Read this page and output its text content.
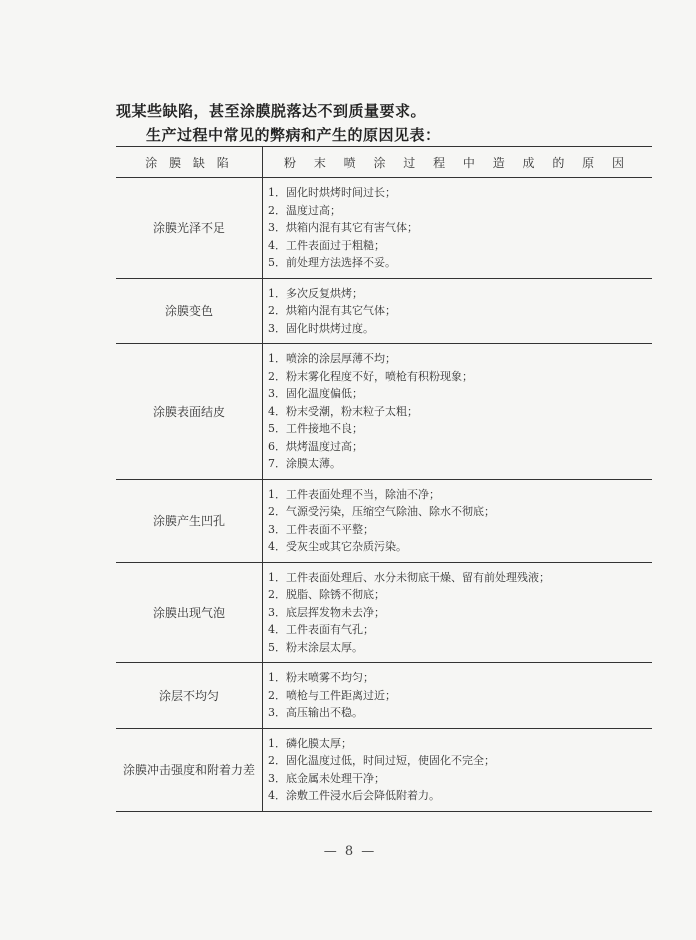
现某些缺陷，甚至涂膜脱落达不到质量要求。

生产过程中常见的弊病和产生的原因见表：

涂 膜 缺 陷	粉 末 喷 涂 过 程 中 造 成 的 原 因
涂膜光泽不足
1．固化时烘烤时间过长；
2．温度过高；
3．烘箱内混有其它有害气体；
4．工件表面过于粗糙；
5．前处理方法选择不妥。
涂膜变色
1．多次反复烘烤；
2．烘箱内混有其它气体；
3．固化时烘烤过度。
涂膜表面结皮
1．喷涂的涂层厚薄不均；
2．粉末雾化程度不好，喷枪有积粉现象；
3．固化温度偏低；
4．粉末受潮，粉末粒子太粗；
5．工件接地不良；
6．烘烤温度过高；
7．涂膜太薄。
涂膜产生凹孔
1．工件表面处理不当，除油不净；
2．气源受污染，压缩空气除油、除水不彻底；
3．工件表面不平整；
4．受灰尘或其它杂质污染。
涂膜出现气泡
1．工件表面处理后、水分未彻底干燥、留有前处理残液；
2．脱脂、除锈不彻底；
3．底层挥发物未去净；
4．工件表面有气孔；
5．粉末涂层太厚。
涂层不均匀
1．粉末喷雾不均匀；
2．喷枪与工件距离过近；
3．高压输出不稳。
涂膜冲击强度和附着力差
1．磷化膜太厚；
2．固化温度过低，时间过短，使固化不完全；
3．底金属未处理干净；
4．涂敷工件浸水后会降低附着力。
— 8 —
